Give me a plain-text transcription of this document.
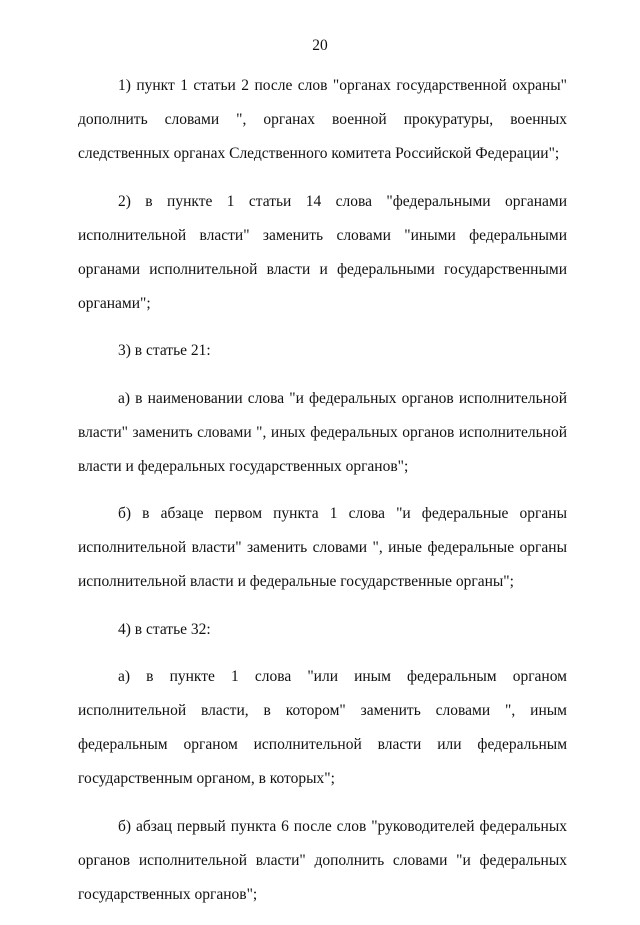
20

1) пункт 1 статьи 2 после слов "органах государственной охраны" дополнить словами ", органах военной прокуратуры, военных следственных органах Следственного комитета Российской Федерации";

2) в пункте 1 статьи 14 слова "федеральными органами исполнительной власти" заменить словами "иными федеральными органами исполнительной власти и федеральными государственными органами";

3) в статье 21:

а) в наименовании слова "и федеральных органов исполнительной власти" заменить словами ", иных федеральных органов исполнительной власти и федеральных государственных органов";

б) в абзаце первом пункта 1 слова "и федеральные органы исполнительной власти" заменить словами ", иные федеральные органы исполнительной власти и федеральные государственные органы";

4) в статье 32:

а) в пункте 1 слова "или иным федеральным органом исполнительной власти, в котором" заменить словами ", иным федеральным органом исполнительной власти или федеральным государственным органом, в которых";

б) абзац первый пункта 6 после слов "руководителей федеральных органов исполнительной власти" дополнить словами "и федеральных государственных органов";
